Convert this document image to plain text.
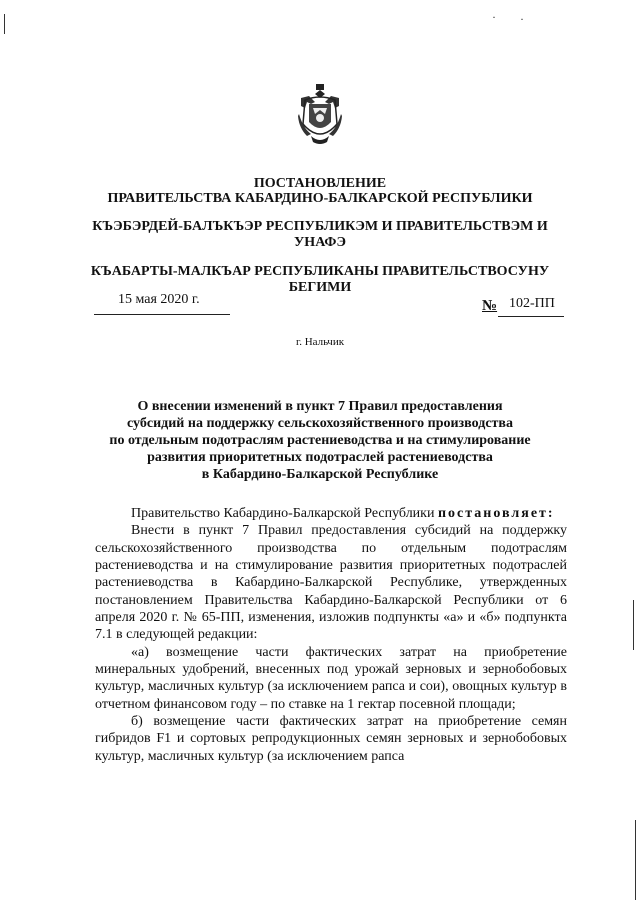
· ·

ПОСТАНОВЛЕНИЕ

ПРАВИТЕЛЬСТВА КАБАРДИНО-БАЛКАРСКОЙ РЕСПУБЛИКИ

КЪЭБЭРДЕЙ-БАЛЪКЪЭР РЕСПУБЛИКЭМ И ПРАВИТЕЛЬСТВЭМ И УНАФЭ

КЪАБАРТЫ-МАЛКЪАР РЕСПУБЛИКАНЫ ПРАВИТЕЛЬСТВОСУНУ БЕГИМИ

15 мая 2020 г.	№ 102-ПП
г. Нальчик
О внесении изменений в пункт 7 Правил предоставления
субсидий на поддержку сельскохозяйственного производства
по отдельным подотраслям растениеводства и на стимулирование
развития приоритетных подотраслей растениеводства
в Кабардино-Балкарской Республике

Правительство Кабардино-Балкарской Республики постановляет:

Внести в пункт 7 Правил предоставления субсидий на поддержку сельскохозяйственного производства по отдельным подотраслям растениеводства и на стимулирование развития приоритетных подотраслей растениеводства в Кабардино-Балкарской Республике, утвержденных постановлением Правительства Кабардино-Балкарской Республики от 6 апреля 2020 г. № 65-ПП, изменения, изложив подпункты «а» и «б» подпункта 7.1 в следующей редакции:

«а) возмещение части фактических затрат на приобретение минеральных удобрений, внесенных под урожай зерновых и зернобобовых культур, масличных культур (за исключением рапса и сои), овощных культур в отчетном финансовом году – по ставке на 1 гектар посевной площади;

б) возмещение части фактических затрат на приобретение семян гибридов F1 и сортовых репродукционных семян зерновых и зернобобовых культур, масличных культур (за исключением рапса
